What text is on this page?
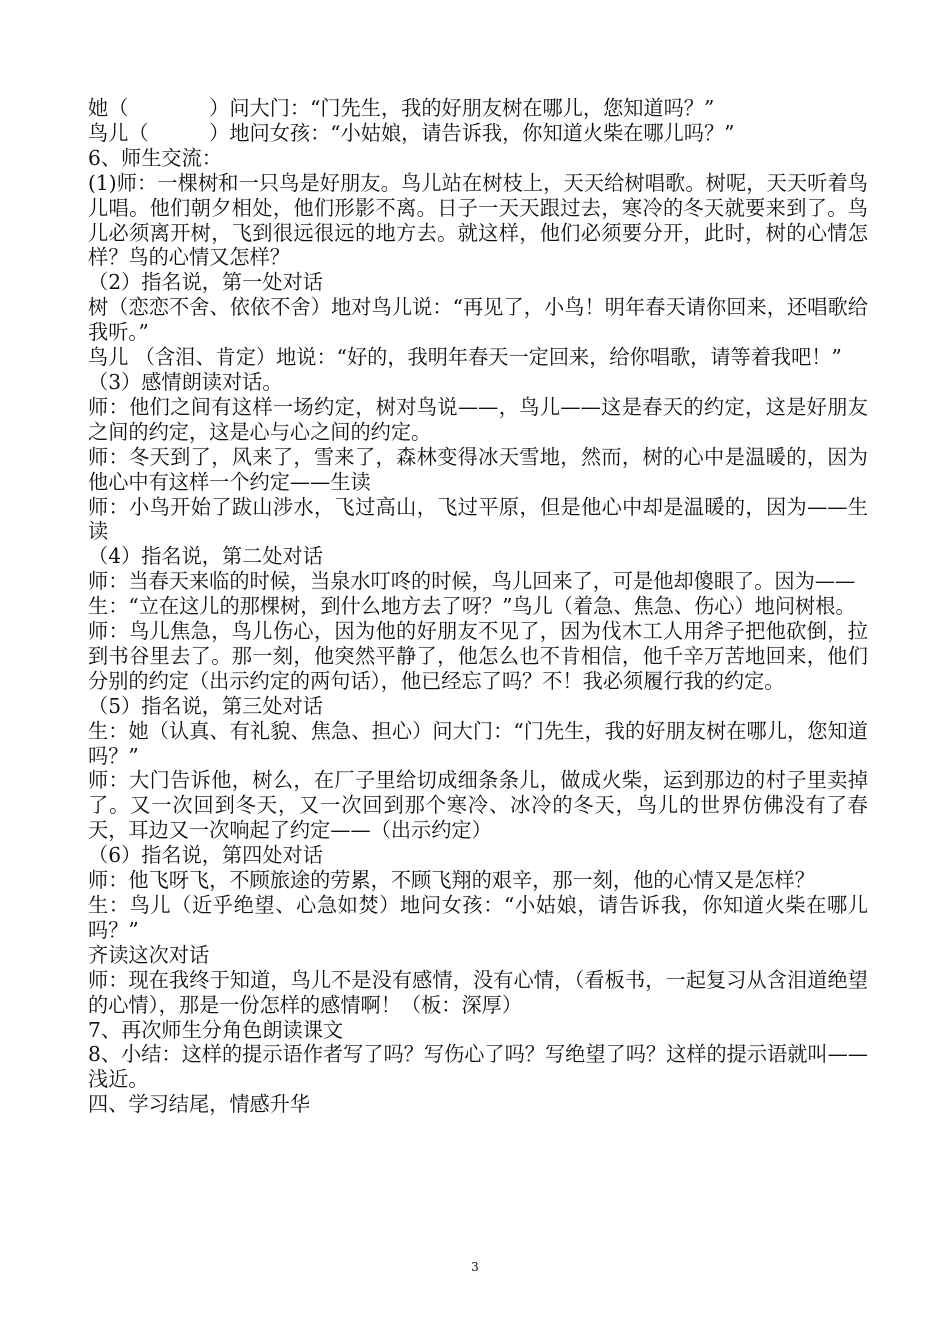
她（　　　　）问大门：“门先生，我的好朋友树在哪儿，您知道吗？”

鸟儿（　　　）地问女孩：“小姑娘，请告诉我，你知道火柴在哪儿吗？”

6、师生交流：

(1)师：一棵树和一只鸟是好朋友。鸟儿站在树枝上，天天给树唱歌。树呢，天天听着鸟儿唱。他们朝夕相处，他们形影不离。日子一天天跟过去，寒冷的冬天就要来到了。鸟儿必须离开树，飞到很远很远的地方去。就这样，他们必须要分开，此时，树的心情怎样？鸟的心情又怎样？

（2）指名说，第一处对话

树（恋恋不舍、依依不舍）地对鸟儿说：“再见了，小鸟！明年春天请你回来，还唱歌给我听。”

鸟儿 （含泪、肯定）地说：“好的，我明年春天一定回来，给你唱歌，请等着我吧！”

（3）感情朗读对话。

师：他们之间有这样一场约定，树对鸟说——，鸟儿——这是春天的约定，这是好朋友之间的约定，这是心与心之间的约定。

师：冬天到了，风来了，雪来了，森林变得冰天雪地，然而，树的心中是温暖的，因为他心中有这样一个约定——生读

师：小鸟开始了跋山涉水，飞过高山，飞过平原，但是他心中却是温暖的，因为——生读

（4）指名说，第二处对话

师：当春天来临的时候，当泉水叮咚的时候，鸟儿回来了，可是他却傻眼了。因为——

生：“立在这儿的那棵树，到什么地方去了呀？”鸟儿（着急、焦急、伤心）地问树根。

师：鸟儿焦急，鸟儿伤心，因为他的好朋友不见了，因为伐木工人用斧子把他砍倒，拉到书谷里去了。那一刻，他突然平静了，他怎么也不肯相信，他千辛万苦地回来，他们分别的约定（出示约定的两句话），他已经忘了吗？不！我必须履行我的约定。

（5）指名说，第三处对话

生：她（认真、有礼貌、焦急、担心）问大门：“门先生，我的好朋友树在哪儿，您知道吗？”

师：大门告诉他，树么，在厂子里给切成细条条儿，做成火柴，运到那边的村子里卖掉了。又一次回到冬天，又一次回到那个寒冷、冰冷的冬天，鸟儿的世界仿佛没有了春天，耳边又一次响起了约定——（出示约定）

（6）指名说，第四处对话

师：他飞呀飞，不顾旅途的劳累，不顾飞翔的艰辛，那一刻，他的心情又是怎样？

生：鸟儿（近乎绝望、心急如焚）地问女孩：“小姑娘，请告诉我，你知道火柴在哪儿吗？”

齐读这次对话

师：现在我终于知道，鸟儿不是没有感情，没有心情，（看板书，一起复习从含泪道绝望的心情），那是一份怎样的感情啊！（板：深厚）

7、再次师生分角色朗读课文

8、小结：这样的提示语作者写了吗？写伤心了吗？写绝望了吗？这样的提示语就叫——浅近。

四、学习结尾，情感升华

3
